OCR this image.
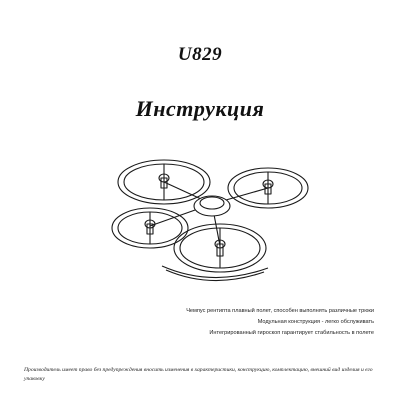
U829
Инструкция
Чемпус рентипта плавный полет, способен выполнять различные трюки
Модульная конструкция - легко обслуживать
Интегрированный гироскоп гарантирует стабильность в полете
Производитель имеет право без предупреждения вносить изменения в характеристики, конструкцию, комплектацию, внешний вид изделия и его упаковку
